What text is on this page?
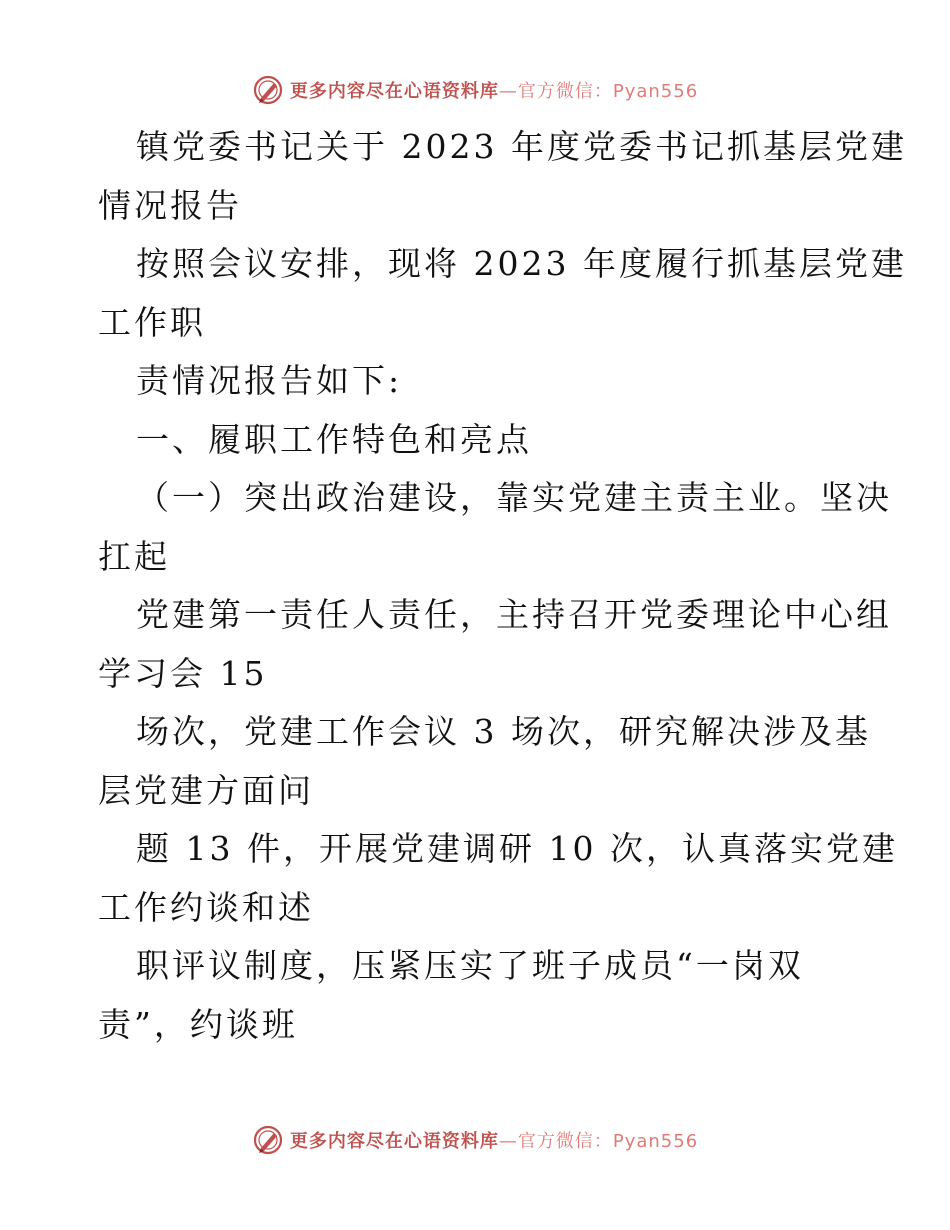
更多内容尽在心语资料库 —官方微信：Pyan556
镇党委书记关于 2023 年度党委书记抓基层党建
情况报告
按照会议安排，现将 2023 年度履行抓基层党建
工作职
责情况报告如下:
一、履职工作特色和亮点
（一）突出政治建设，靠实党建主责主业。坚决
扛起
党建第一责任人责任，主持召开党委理论中心组
学习会 15
场次，党建工作会议 3 场次，研究解决涉及基
层党建方面问
题 13 件，开展党建调研 10 次，认真落实党建
工作约谈和述
职评议制度，压紧压实了班子成员“一岗双
责”，约谈班
更多内容尽在心语资料库 —官方微信：Pyan556
